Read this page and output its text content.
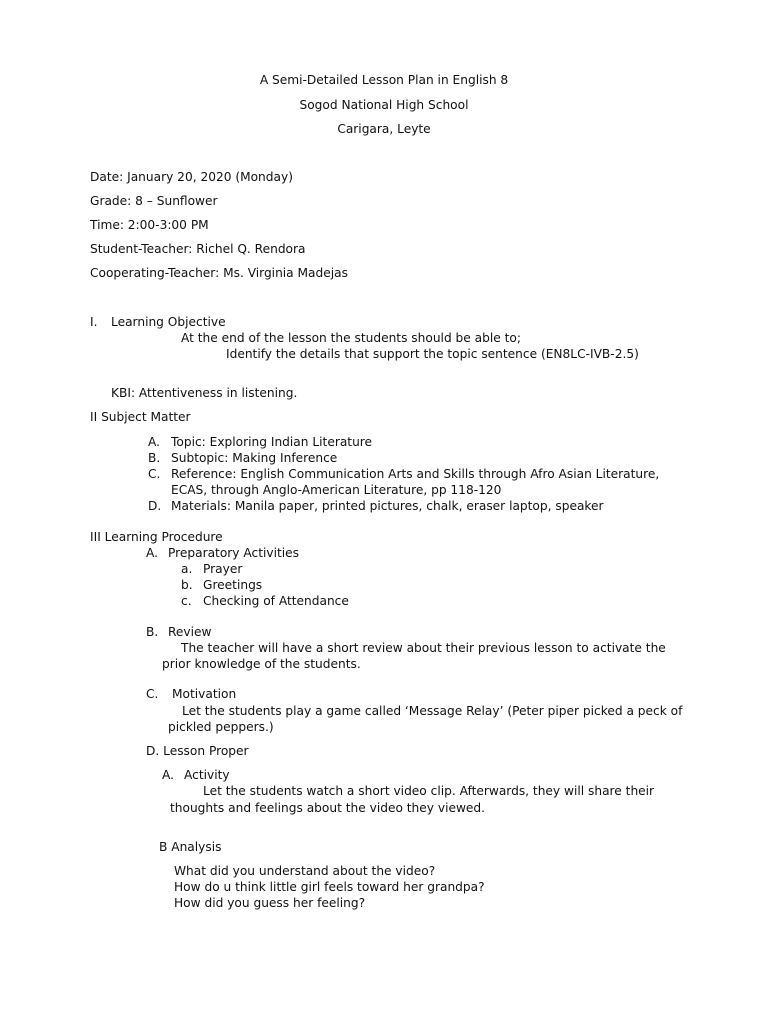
A Semi-Detailed Lesson Plan in English 8
Sogod National High School
Carigara, Leyte
Date: January 20, 2020 (Monday)
Grade: 8 – Sunflower
Time: 2:00-3:00 PM
Student-Teacher: Richel Q. Rendora
Cooperating-Teacher: Ms. Virginia Madejas
I. Learning Objective
At the end of the lesson the students should be able to;
Identify the details that support the topic sentence (EN8LC-IVB-2.5)
KBI: Attentiveness in listening.
II Subject Matter
A. Topic: Exploring Indian Literature
B. Subtopic: Making Inference
C. Reference: English Communication Arts and Skills through Afro Asian Literature,
ECAS, through Anglo-American Literature, pp 118-120
D. Materials: Manila paper, printed pictures, chalk, eraser laptop, speaker
III Learning Procedure
A. Preparatory Activities
a. Prayer
b. Greetings
c. Checking of Attendance
B. Review
The teacher will have a short review about their previous lesson to activate the
prior knowledge of the students.
C. Motivation
Let the students play a game called ‘Message Relay’ (Peter piper picked a peck of
pickled peppers.)
D. Lesson Proper
A. Activity
Let the students watch a short video clip. Afterwards, they will share their
thoughts and feelings about the video they viewed.
B Analysis
What did you understand about the video?
How do u think little girl feels toward her grandpa?
How did you guess her feeling?
